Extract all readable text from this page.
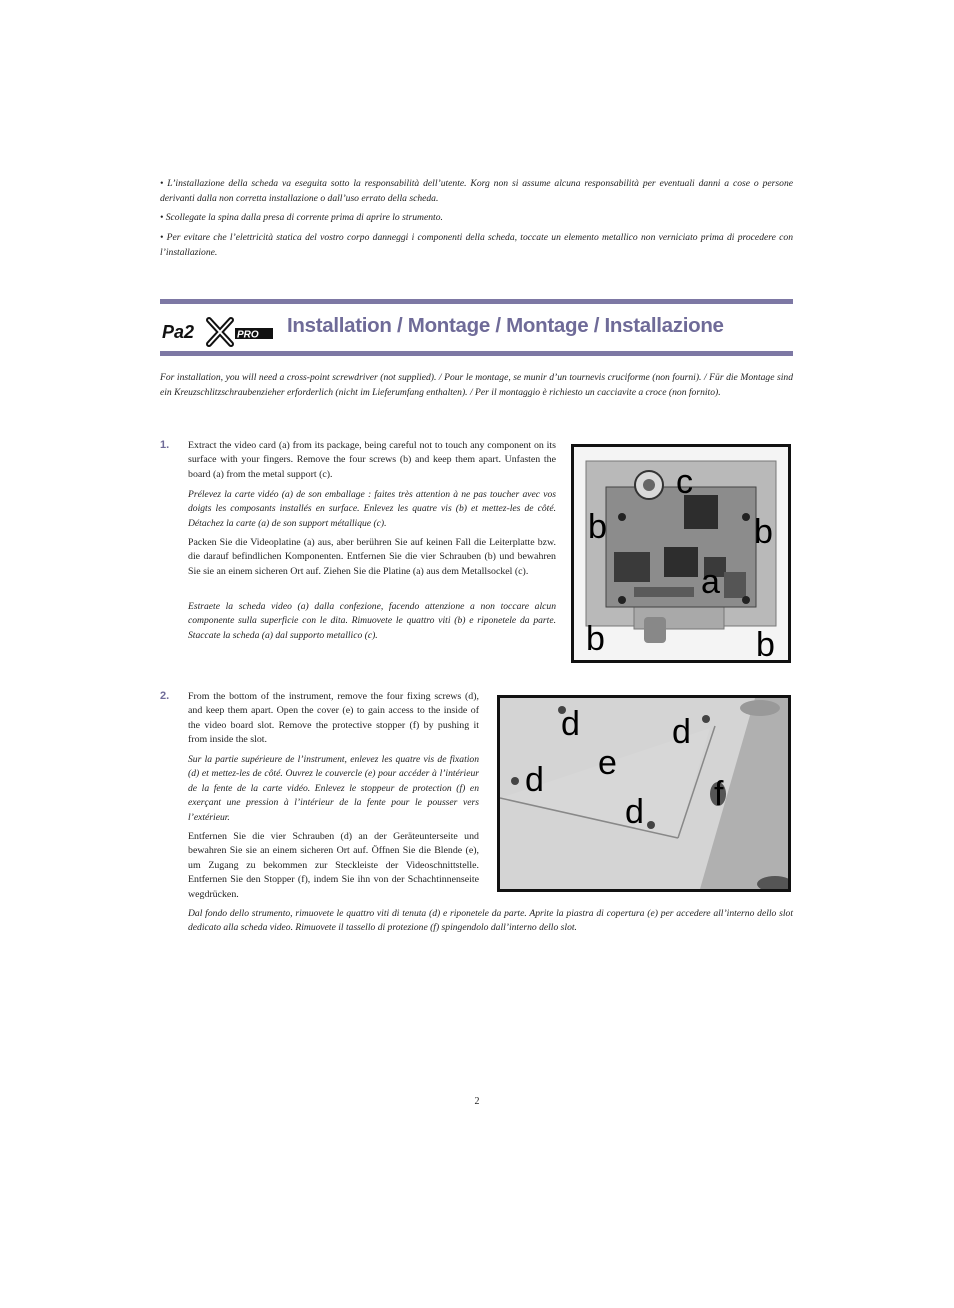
• L’installazione della scheda va eseguita sotto la responsabilità dell’utente. Korg non si assume alcuna responsabilità per eventuali danni a cose o persone derivanti dalla non corretta installazione o dall’uso errato della scheda.

• Scollegate la spina dalla presa di corrente prima di aprire lo strumento.

• Per evitare che l’elettricità statica del vostro corpo danneggi i componenti della scheda, toccate un elemento metallico non verniciato prima di procedere con l’installazione.

Pa2	PRO Installation / Montage / Montage / Installazione

For installation, you will need a cross-point screwdriver (not supplied). / Pour le montage, se munir d’un tournevis cruciforme (non fourni). / Für die Montage sind ein Kreuzschlitzschraubenzieher erforderlich (nicht im Lieferumfang enthalten). / Per il montaggio è richiesto un cacciavite a croce (non fornito).

1. Extract the video card (a) from its package, being careful not to touch any component on its surface with your fingers. Remove the four screws (b) and keep them apart. Unfasten the board (a) from the metal support (c).

Prélevez la carte vidéo (a) de son emballage : faites très attention à ne pas toucher avec vos doigts les composants installés en surface. Enlevez les quatre vis (b) et mettez-les de côté. Détachez la carte (a) de son support métallique (c).

Packen Sie die Videoplatine (a) aus, aber berühren Sie auf keinen Fall die Leiterplatte bzw. die darauf befindlichen Komponenten. Entfernen Sie die vier Schrauben (b) und bewahren Sie sie an einem sicheren Ort auf. Ziehen Sie die Platine (a) aus dem Metallsockel (c).

Estraete la scheda video (a) dalla confezione, facendo attenzione a non toccare alcun componente sulla superficie con le dita. Rimuovete le quattro viti (b) e riponetele da parte. Staccate la scheda (a) dal supporto metallico (c).

c
b	b
a
b	b
2. From the bottom of the instrument, remove the four fixing screws (d), and keep them apart. Open the cover (e) to gain access to the inside of the video board slot. Remove the protective stopper (f) by pushing it from inside the slot.

Sur la partie supérieure de l’instrument, enlevez les quatre vis de fixation (d) et mettez-les de côté. Ouvrez le couvercle (e) pour accéder à l’intérieur de la fente de la carte vidéo. Enlevez le stoppeur de protection (f) en exerçant une pression à l’intérieur de la fente pour le pousser vers l’extérieur.

Entfernen Sie die vier Schrauben (d) an der Geräteunterseite und bewahren Sie sie an einem sicheren Ort auf. Öffnen Sie die Blende (e), um Zugang zu bekommen zur Steckleiste der Videoschnittstelle. Entfernen Sie den Stopper (f), indem Sie ihn von der Schachtinnenseite wegdrücken.

Dal fondo dello strumento, rimuovete le quattro viti di tenuta (d) e riponetele da parte. Aprite la piastra di copertura (e) per accedere all’interno dello slot dedicato alla scheda video. Rimuovete il tassello di protezione (f) spingendolo dall’interno dello slot.

d	d
e
d	f
d
2
